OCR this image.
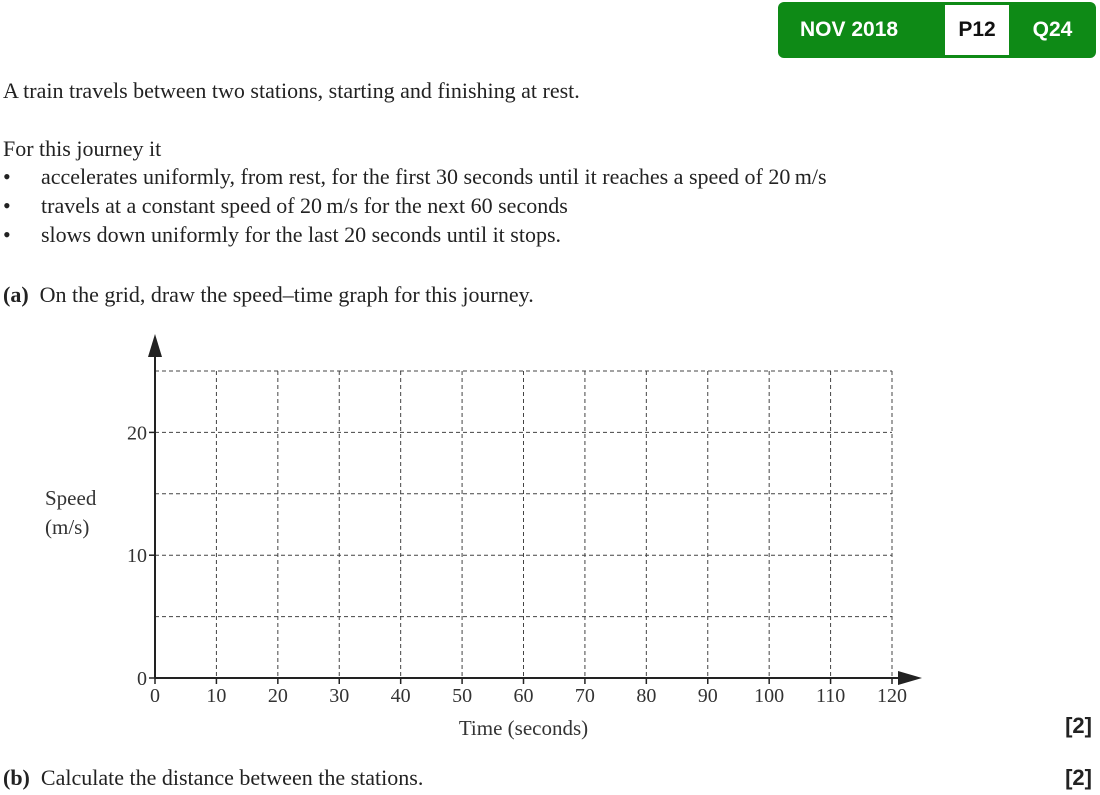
NOV 2018	P12	Q24
A train travels between two stations, starting and finishing at rest.
For this journey it
• accelerates uniformly, from rest, for the first 30 seconds until it reaches a speed of 20 m/s
• travels at a constant speed of 20 m/s for the next 60 seconds
• slows down uniformly for the last 20 seconds until it stops.
(a) On the grid, draw the speed–time graph for this journey.
0 10 20 30 40 50 60 70 80 90 100 110 120
0
10
20
Time (seconds)
Speed
(m/s)
[2]
(b) Calculate the distance between the stations.	[2]
